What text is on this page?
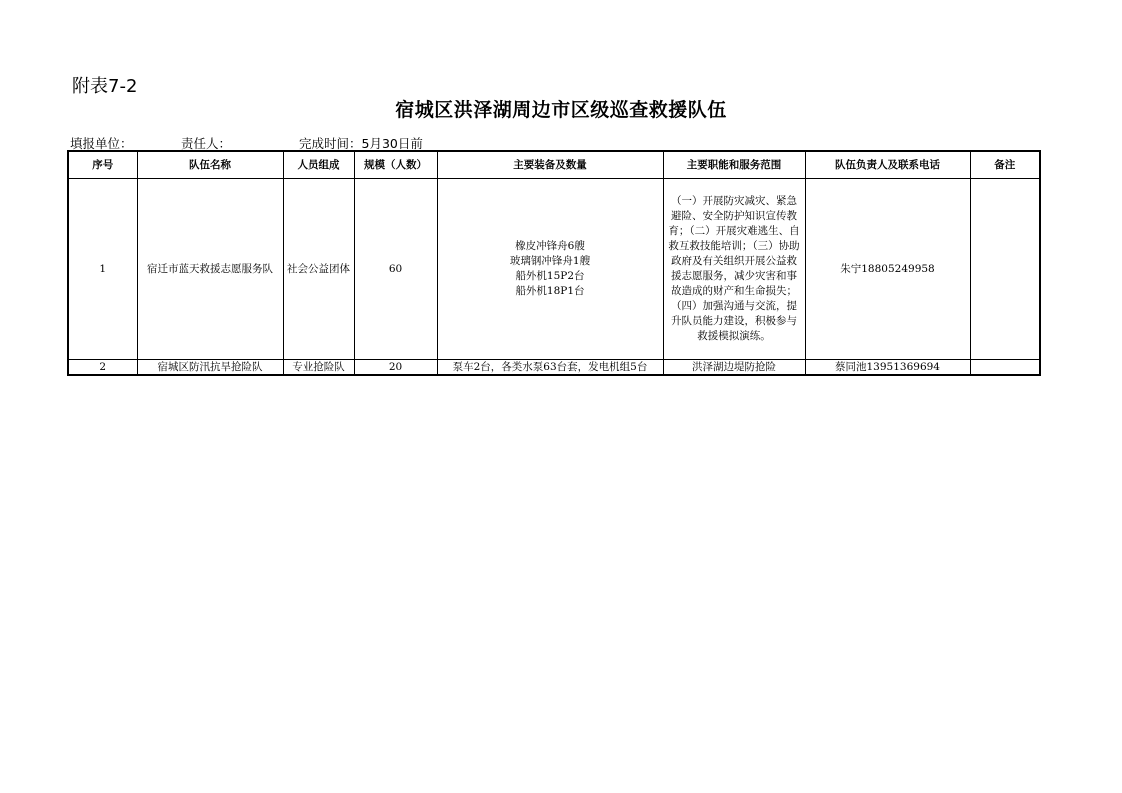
附表7-2
宿城区洪泽湖周边市区级巡查救援队伍
填报单位：	责任人：	完成时间：5月30日前
序号	队伍名称	人员组成	规模（人数）	主要装备及数量	主要职能和服务范围	队伍负责人及联系电话	备注
1	宿迁市蓝天救援志愿服务队	社会公益团体	60	橡皮冲锋舟6艘
玻璃钢冲锋舟1艘
船外机15P2台
船外机18P1台	（一）开展防灾减灾、紧急避险、安全防护知识宣传教育；（二）开展灾难逃生、自救互救技能培训；（三）协助政府及有关组织开展公益救援志愿服务，减少灾害和事故造成的财产和生命损失；（四）加强沟通与交流，提升队员能力建设，积极参与救援模拟演练。	朱宁18805249958	
2	宿城区防汛抗旱抢险队	专业抢险队	20	泵车2台，各类水泵63台套，发电机组5台	洪泽湖边堤防抢险	蔡同池13951369694	
